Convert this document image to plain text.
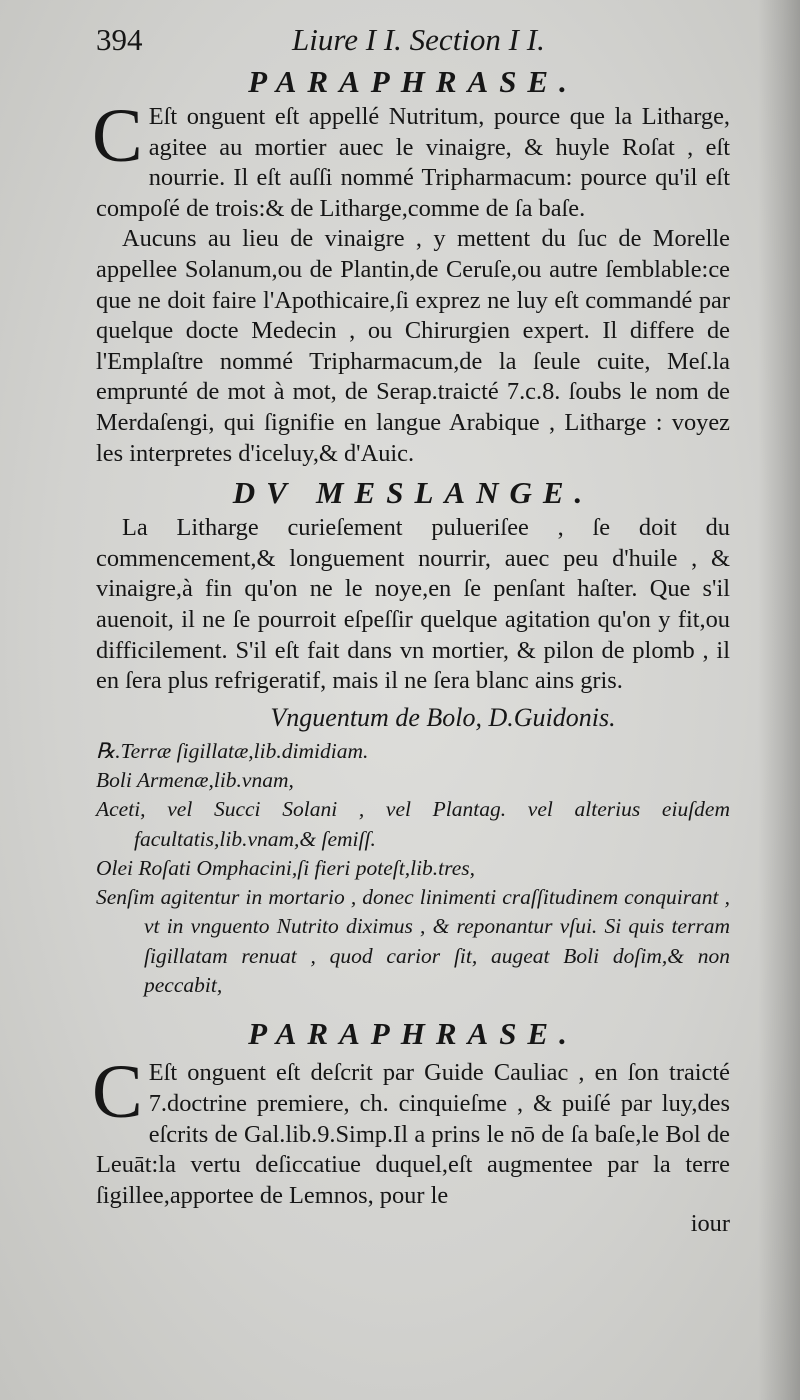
394	Liure I I. Section I I.
PARAPHRASE.

C Eſt onguent eſt appellé Nutritum, pource que la Litharge, agitee au mortier auec le vinaigre, & huyle Roſat , eſt nourrie. Il eſt auſſi nommé Tripharmacum: pource qu'il eſt compoſé de trois:& de Litharge,comme de ſa baſe.

Aucuns au lieu de vinaigre , y mettent du ſuc de Morelle appellee Solanum,ou de Plantin,de Ceruſe,ou autre ſemblable:ce que ne doit faire l'Apothicaire,ſi exprez ne luy eſt commandé par quelque docte Medecin , ou Chirurgien expert. Il differe de l'Emplaſtre nommé Tripharmacum,de la ſeule cuite, Meſ.la emprunté de mot à mot, de Serap.traicté 7.c.8. ſoubs le nom de Merdaſengi, qui ſignifie en langue Arabique , Litharge : voyez les interpretes d'iceluy,& d'Auic.

DV MESLANGE.

La Litharge curieſement pulueriſee , ſe doit du commencement,& longuement nourrir, auec peu d'huile , & vinaigre,à fin qu'on ne le noye,en ſe penſant haſter. Que s'il auenoit, il ne ſe pourroit eſpeſſir quelque agitation qu'on y fit,ou difficilement. S'il eſt fait dans vn mortier, & pilon de plomb , il en ſera plus refrigeratif, mais il ne ſera blanc ains gris.

Vnguentum de Bolo, D.Guidonis.

℞.Terræ ſigillatæ,lib.dimidiam.

Boli Armenæ,lib.vnam,

Aceti, vel Succi Solani , vel Plantag. vel alterius eiuſdem facultatis,lib.vnam,& ſemiſſ.

Olei Roſati Omphacini,ſi fieri poteſt,lib.tres,

Senſim agitentur in mortario , donec linimenti craſſitudinem conquirant , vt in vnguento Nutrito diximus , & reponantur vſui. Si quis terram ſigillatam renuat , quod carior ſit, augeat Boli doſim,& non peccabit,

PARAPHRASE.

C Eſt onguent eſt deſcrit par Guide Cauliac , en ſon traicté 7.doctrine premiere, ch. cinquieſme , & puiſé par luy,des eſcrits de Gal.lib.9.Simp.Il a prins le nō de ſa baſe,le Bol de Leuāt:la vertu deſiccatiue duquel,eſt augmentee par la terre ſigillee,apportee de Lemnos, pour le

iour
